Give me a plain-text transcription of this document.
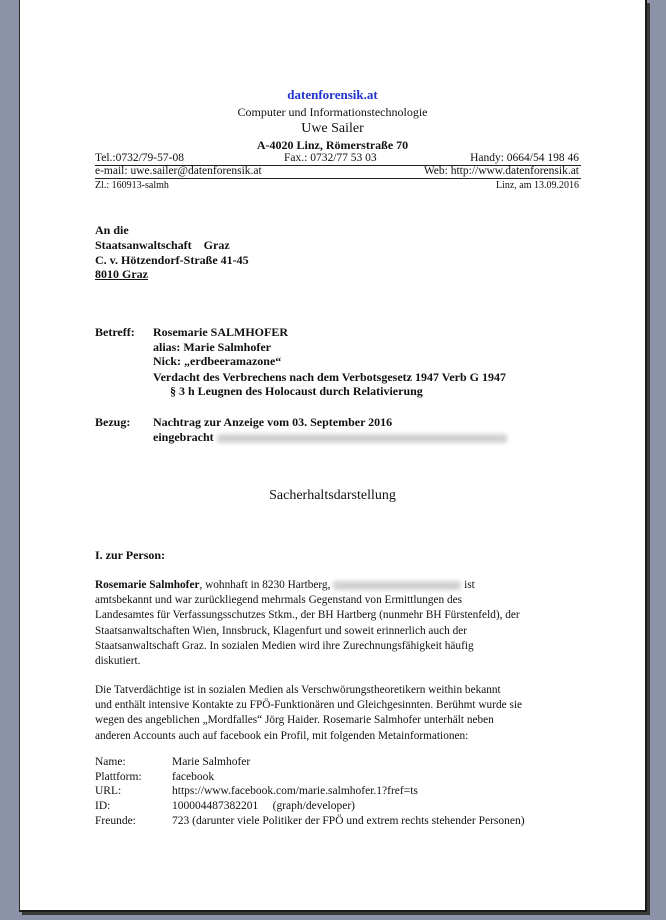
datenforensik.at
Computer und Informationstechnologie
Uwe Sailer
A-4020 Linz, Römerstraße 70
Tel.:0732/79-57-08	Fax.: 0732/77 53 03	Handy: 0664/54 198 46
e-mail: uwe.sailer@datenforensik.at	Web: http://www.datenforensik.at
Zl.: 160913-salmh	Linz, am 13.09.2016
An die
Staatsanwaltschaft Graz
C. v. Hötzendorf-Straße 41-45
8010 Graz
Betreff: Rosemarie SALMHOFER
alias: Marie Salmhofer
Nick: „erdbeeramazone“
Verdacht des Verbrechens nach dem Verbotsgesetz 1947 Verb G 1947
§ 3 h Leugnen des Holocaust durch Relativierung
Bezug: Nachtrag zur Anzeige vom 03. September 2016
eingebracht
Sacherhaltsdarstellung
I. zur Person:
Rosemarie Salmhofer, wohnhaft in 8230 Hartberg,	ist
amtsbekannt und war zurückliegend mehrmals Gegenstand von Ermittlungen des
Landesamtes für Verfassungsschutzes Stkm., der BH Hartberg (nunmehr BH Fürstenfeld), der
Staatsanwaltschaften Wien, Innsbruck, Klagenfurt und soweit erinnerlich auch der
Staatsanwaltschaft Graz. In sozialen Medien wird ihre Zurechnungsfähigkeit häufig
diskutiert.
Die Tatverdächtige ist in sozialen Medien als Verschwörungstheoretikern weithin bekannt
und enthält intensive Kontakte zu FPÖ-Funktionären und Gleichgesinnten. Berühmt wurde sie
wegen des angeblichen „Mordfalles“ Jörg Haider. Rosemarie Salmhofer unterhält neben
anderen Accounts auch auf facebook ein Profil, mit folgenden Metainformationen:
Name:	Marie Salmhofer
Plattform:	facebook
URL:	https://www.facebook.com/marie.salmhofer.1?fref=ts
ID:	100004487382201     (graph/developer)
Freunde:	723 (darunter viele Politiker der FPÖ und extrem rechts stehender Personen)
